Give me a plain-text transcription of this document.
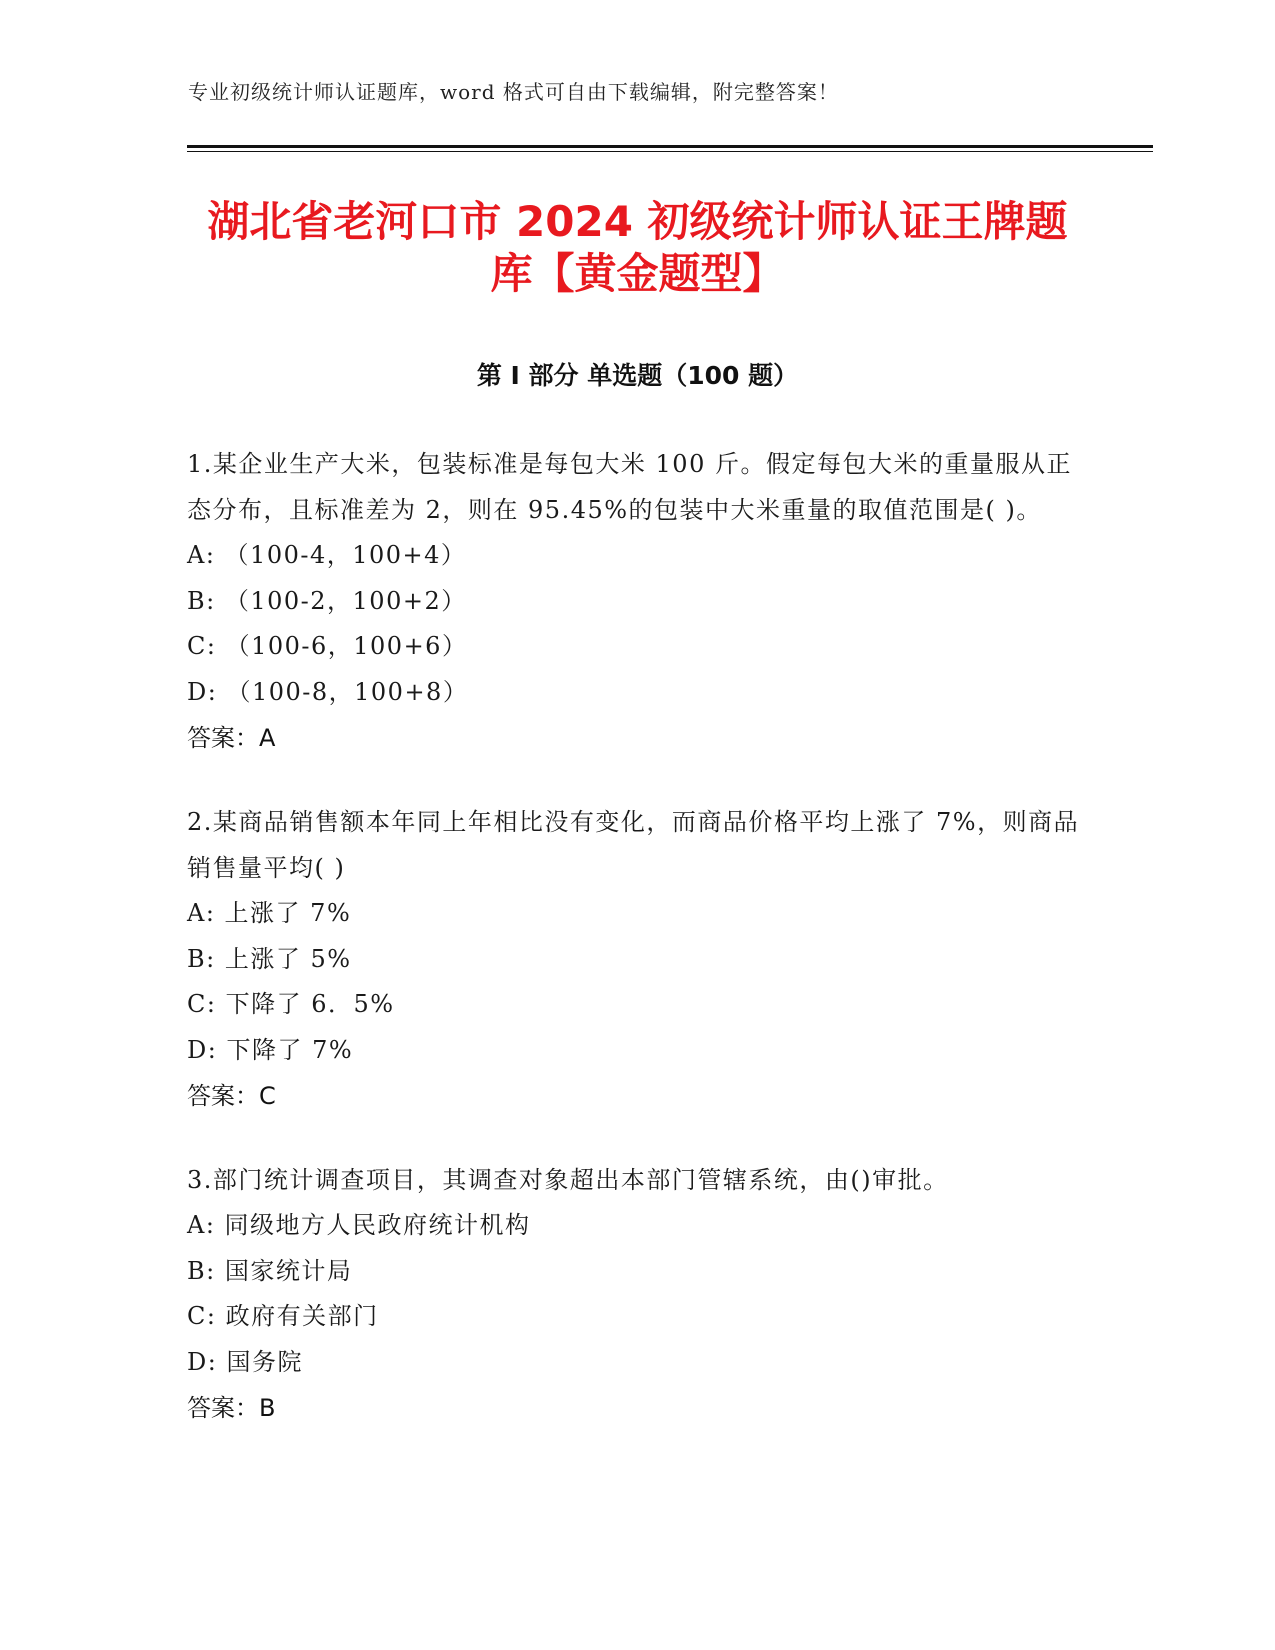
专业初级统计师认证题库，word 格式可自由下载编辑，附完整答案！
湖北省老河口市 2024 初级统计师认证王牌题
库【黄金题型】
第 I 部分 单选题（100 题）

1.某企业生产大米，包装标准是每包大米 100 斤。假定每包大米的重量服从正态分布，且标准差为 2，则在 95.45%的包装中大米重量的取值范围是( )。

A: （100-4，100+4）

B: （100-2，100+2）

C: （100-6，100+6）

D: （100-8，100+8）

答案：A

2.某商品销售额本年同上年相比没有变化，而商品价格平均上涨了 7%，则商品销售量平均( )

A: 上涨了 7%

B: 上涨了 5%

C: 下降了 6．5%

D: 下降了 7%

答案：C

3.部门统计调查项目，其调查对象超出本部门管辖系统，由()审批。

A: 同级地方人民政府统计机构

B: 国家统计局

C: 政府有关部门

D: 国务院

答案：B
